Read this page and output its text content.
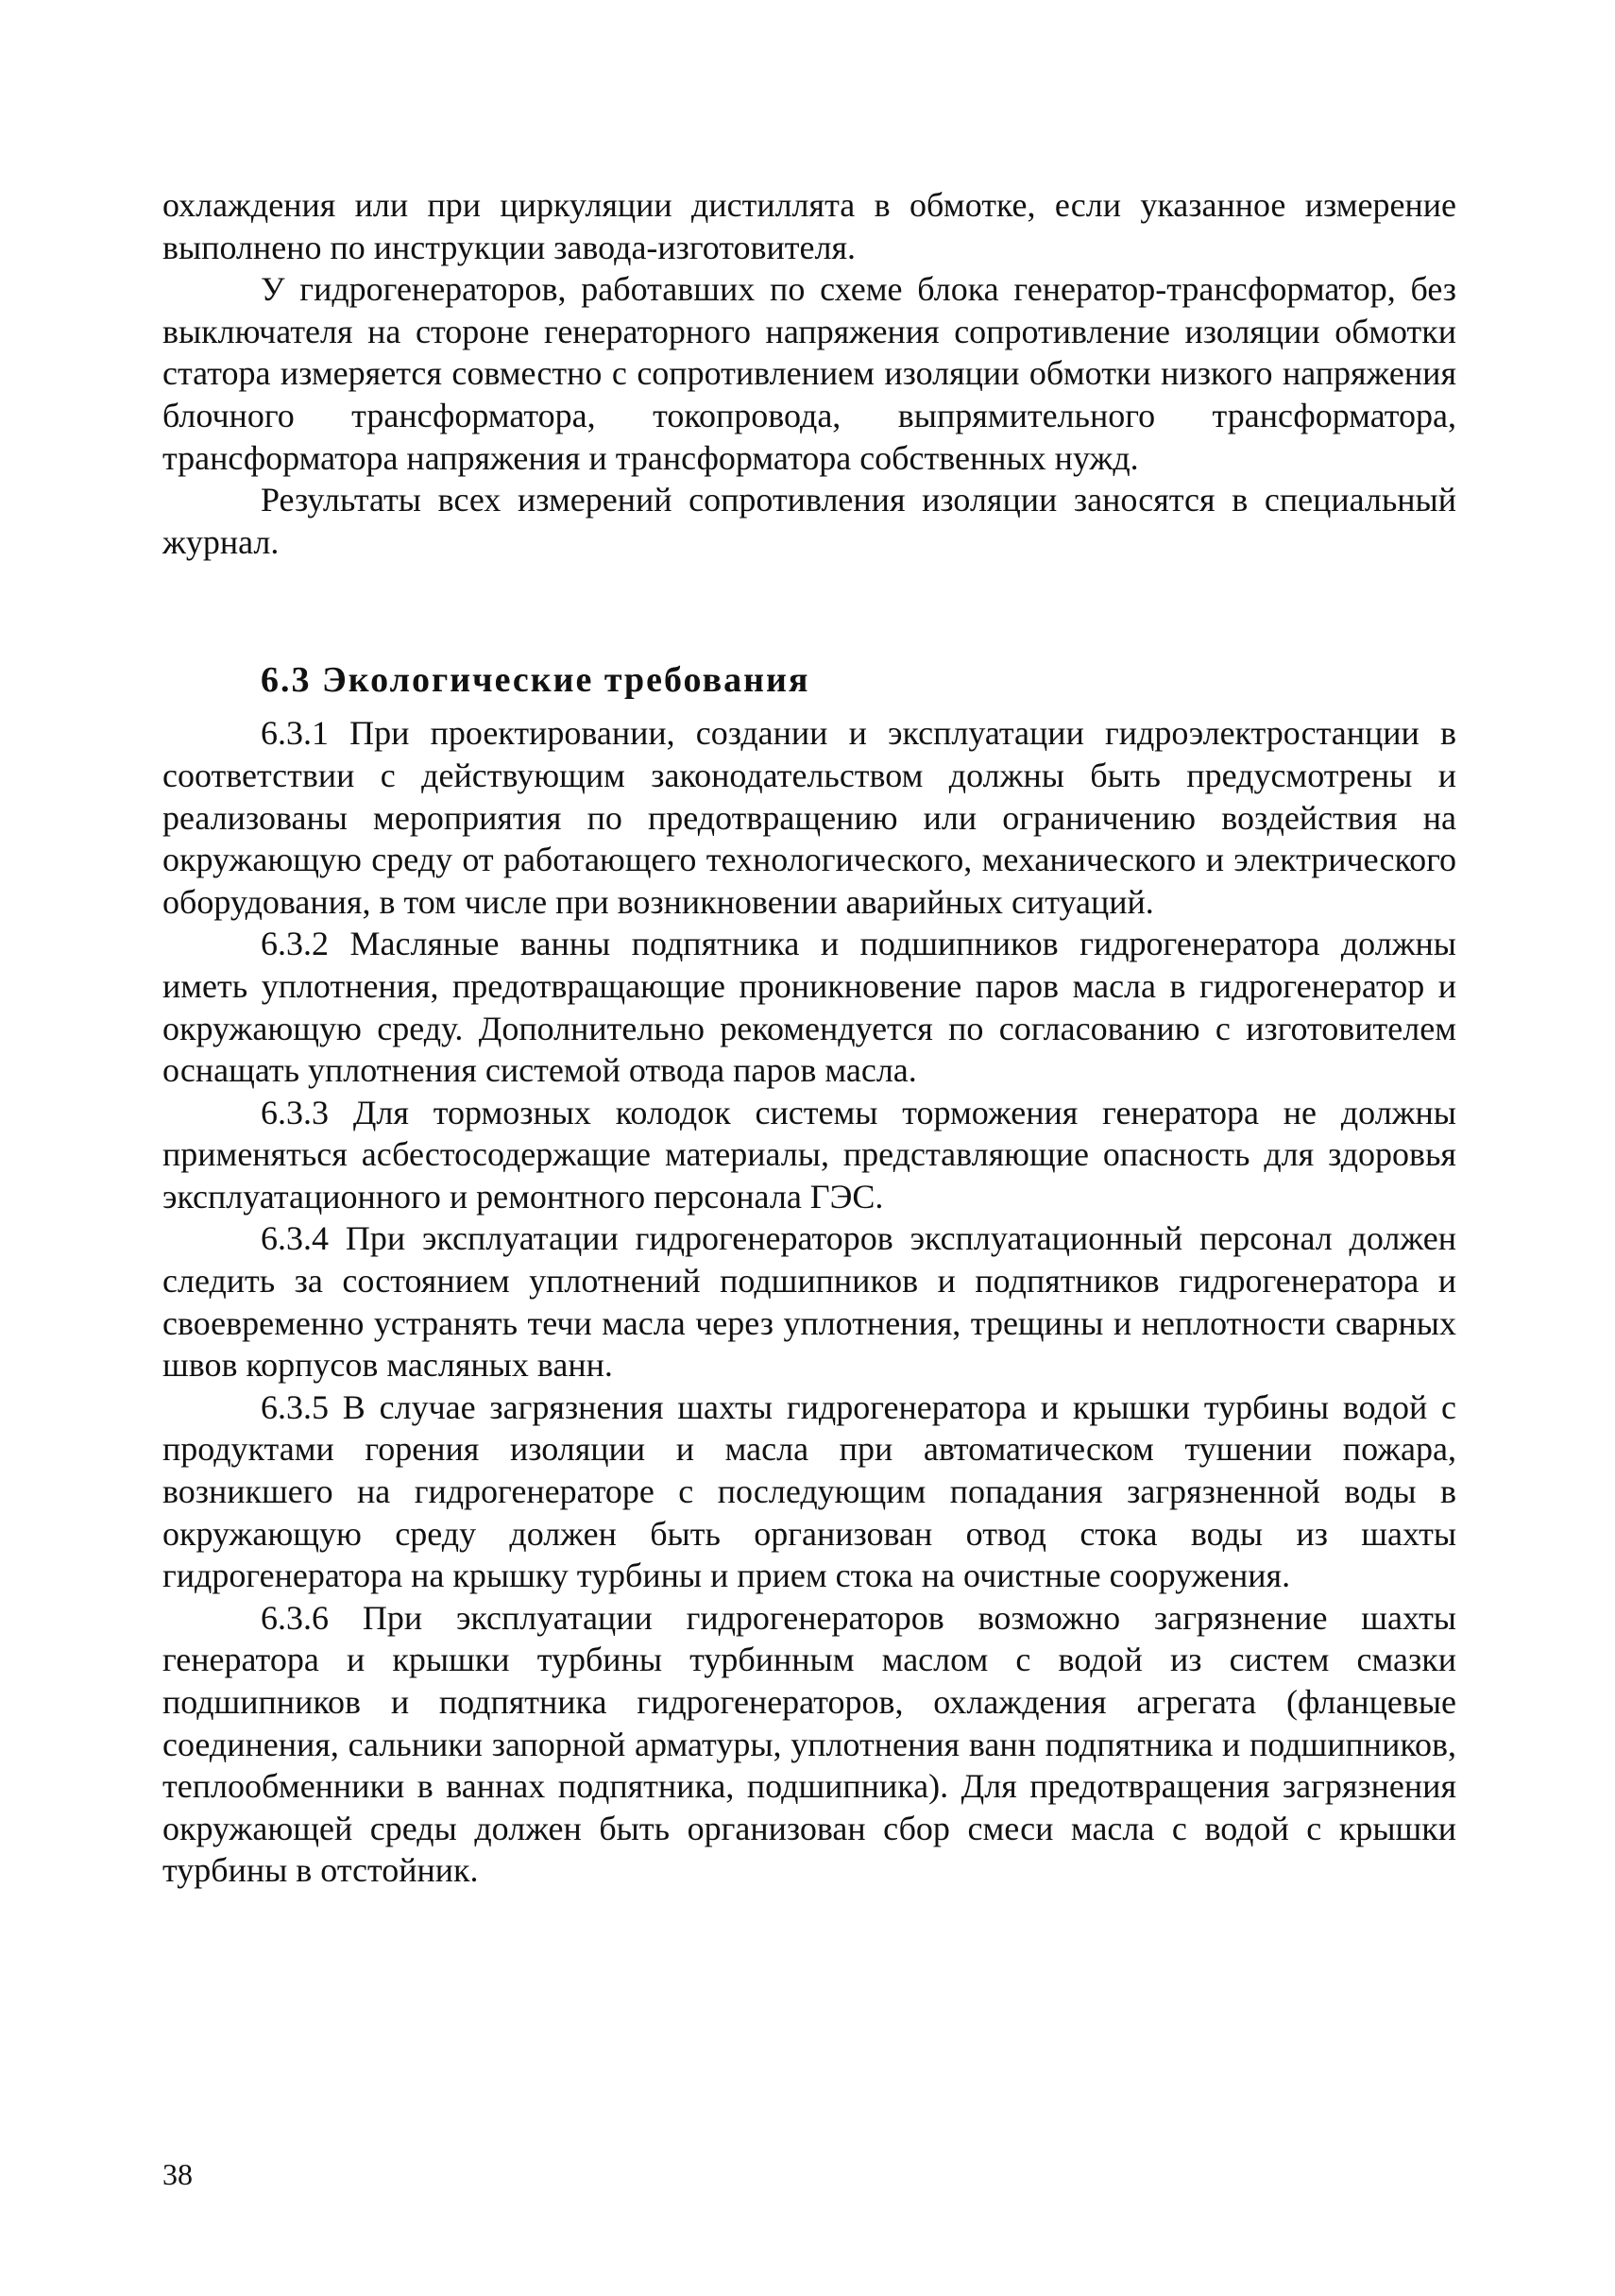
охлаждения или при циркуляции дистиллята в обмотке, если указанное измерение выполнено по инструкции завода-изготовителя.

У гидрогенераторов, работавших по схеме блока генератор-трансформатор, без выключателя на стороне генераторного напряжения сопротивление изоляции обмотки статора измеряется совместно с сопротивлением изоляции обмотки низкого напряжения блочного трансформатора, токопровода, выпрямительного трансформатора, трансформатора напряжения и трансформатора собственных нужд.

Результаты всех измерений сопротивления изоляции заносятся в специальный журнал.

6.3 Экологические требования

6.3.1 При проектировании, создании и эксплуатации гидроэлектростанции в соответствии с действующим законодательством должны быть предусмотрены и реализованы мероприятия по предотвращению или ограничению воздействия на окружающую среду от работающего технологического, механического и электрического оборудования, в том числе при возникновении аварийных ситуаций.

6.3.2 Масляные ванны подпятника и подшипников гидрогенератора должны иметь уплотнения, предотвращающие проникновение паров масла в гидрогенератор и окружающую среду. Дополнительно рекомендуется по согласованию с изготовителем оснащать уплотнения системой отвода паров масла.

6.3.3 Для тормозных колодок системы торможения генератора не должны применяться асбестосодержащие материалы, представляющие опасность для здоровья эксплуатационного и ремонтного персонала ГЭС.

6.3.4 При эксплуатации гидрогенераторов эксплуатационный персонал должен следить за состоянием уплотнений подшипников и подпятников гидрогенератора и своевременно устранять течи масла через уплотнения, трещины и неплотности сварных швов корпусов масляных ванн.

6.3.5 В случае загрязнения шахты гидрогенератора и крышки турбины водой с продуктами горения изоляции и масла при автоматическом тушении пожара, возникшего на гидрогенераторе с последующим попадания загрязненной воды в окружающую среду должен быть организован отвод стока воды из шахты гидрогенератора на крышку турбины и прием стока на очистные сооружения.

6.3.6 При эксплуатации гидрогенераторов возможно загрязнение шахты генератора и крышки турбины турбинным маслом с водой из систем смазки подшипников и подпятника гидрогенераторов, охлаждения агрегата (фланцевые соединения, сальники запорной арматуры, уплотнения ванн подпятника и подшипников, теплообменники в ваннах подпятника, подшипника). Для предотвращения загрязнения окружающей среды должен быть организован сбор смеси масла с водой с крышки турбины в отстойник.

38
